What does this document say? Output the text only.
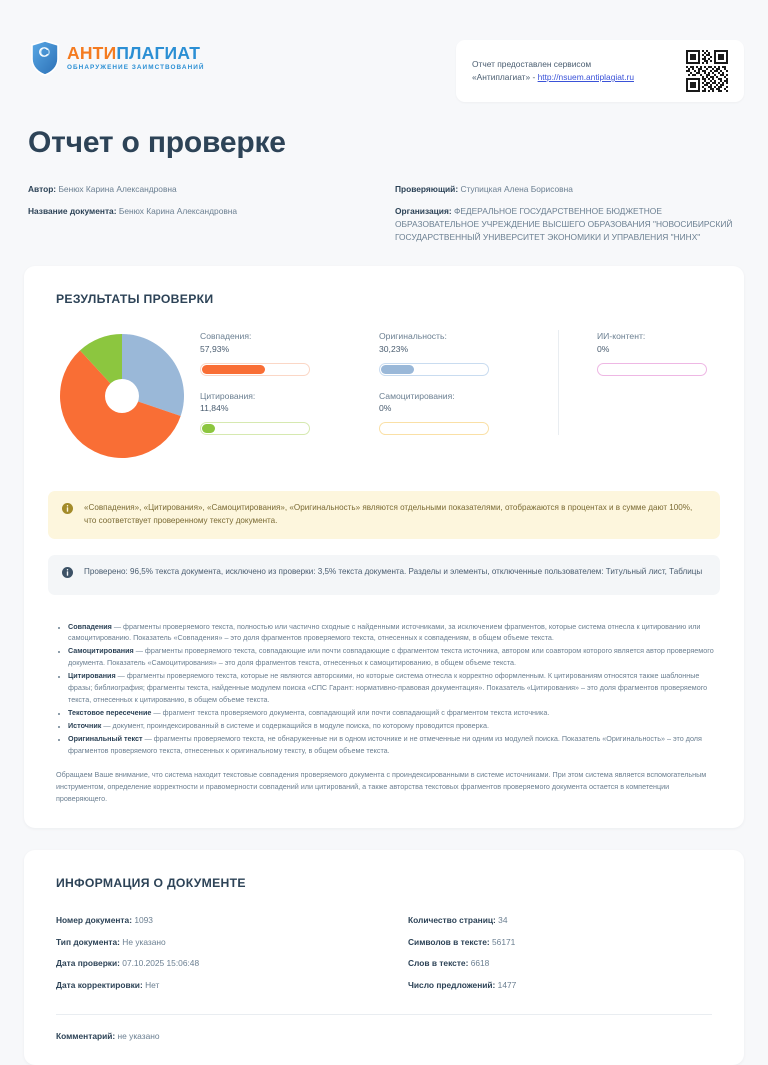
АНТИПЛАГИАТ
ОБНАРУЖЕНИЕ ЗАИМСТВОВАНИЙ	Отчет предоставлен сервисом
«Антиплагиат» - http://nsuem.antiplagiat.ru
Отчет о проверке
Автор: Бенюх Карина Александровна
Название документа: Бенюх Карина Александровна
Проверяющий: Ступицкая Алена Борисовна
Организация: ФЕДЕРАЛЬНОЕ ГОСУДАРСТВЕННОЕ БЮДЖЕТНОЕ ОБРАЗОВАТЕЛЬНОЕ УЧРЕЖДЕНИЕ ВЫСШЕГО ОБРАЗОВАНИЯ "НОВОСИБИРСКИЙ ГОСУДАРСТВЕННЫЙ УНИВЕРСИТЕТ ЭКОНОМИКИ И УПРАВЛЕНИЯ "НИНХ"
РЕЗУЛЬТАТЫ ПРОВЕРКИ
Совпадения:
57,93%
Оригинальность:
30,23%
Цитирования:
11,84%
Самоцитирования:
0%
ИИ-контент:
0%
«Совпадения», «Цитирования», «Самоцитирования», «Оригинальность» являются отдельными показателями, отображаются в процентах и в сумме дают 100%, что соответствует проверенному тексту документа.
Проверено: 96,5% текста документа, исключено из проверки: 3,5% текста документа. Разделы и элементы, отключенные пользователем: Титульный лист, Таблицы
• Совпадения — фрагменты проверяемого текста, полностью или частично сходные с найденными источниками, за исключением фрагментов, которые система отнесла к цитированию или самоцитированию. Показатель «Совпадения» – это доля фрагментов проверяемого текста, отнесенных к совпадениям, в общем объеме текста.
• Самоцитирования — фрагменты проверяемого текста, совпадающие или почти совпадающие с фрагментом текста источника, автором или соавтором которого является автор проверяемого документа. Показатель «Самоцитирования» – это доля фрагментов текста, отнесенных к самоцитированию, в общем объеме текста.
• Цитирования — фрагменты проверяемого текста, которые не являются авторскими, но которые система отнесла к корректно оформленным. К цитированиям относятся также шаблонные фразы; библиография; фрагменты текста, найденные модулем поиска «СПС Гарант: нормативно-правовая документация». Показатель «Цитирования» – это доля фрагментов проверяемого текста, отнесенных к цитированию, в общем объеме текста.
• Текстовое пересечение — фрагмент текста проверяемого документа, совпадающий или почти совпадающий с фрагментом текста источника.
• Источник — документ, проиндексированный в системе и содержащийся в модуле поиска, по которому проводится проверка.
• Оригинальный текст — фрагменты проверяемого текста, не обнаруженные ни в одном источнике и не отмеченные ни одним из модулей поиска. Показатель «Оригинальность» – это доля фрагментов проверяемого текста, отнесенных к оригинальному тексту, в общем объеме текста.
Обращаем Ваше внимание, что система находит текстовые совпадения проверяемого документа с проиндексированными в системе источниками. При этом система является вспомогательным инструментом, определение корректности и правомерности совпадений или цитирований, а также авторства текстовых фрагментов проверяемого документа остается в компетенции проверяющего.
ИНФОРМАЦИЯ О ДОКУМЕНТЕ
Номер документа: 1093
Тип документа: Не указано
Дата проверки: 07.10.2025 15:06:48
Дата корректировки: Нет
Количество страниц: 34
Символов в тексте: 56171
Слов в тексте: 6618
Число предложений: 1477
Комментарий: не указано
